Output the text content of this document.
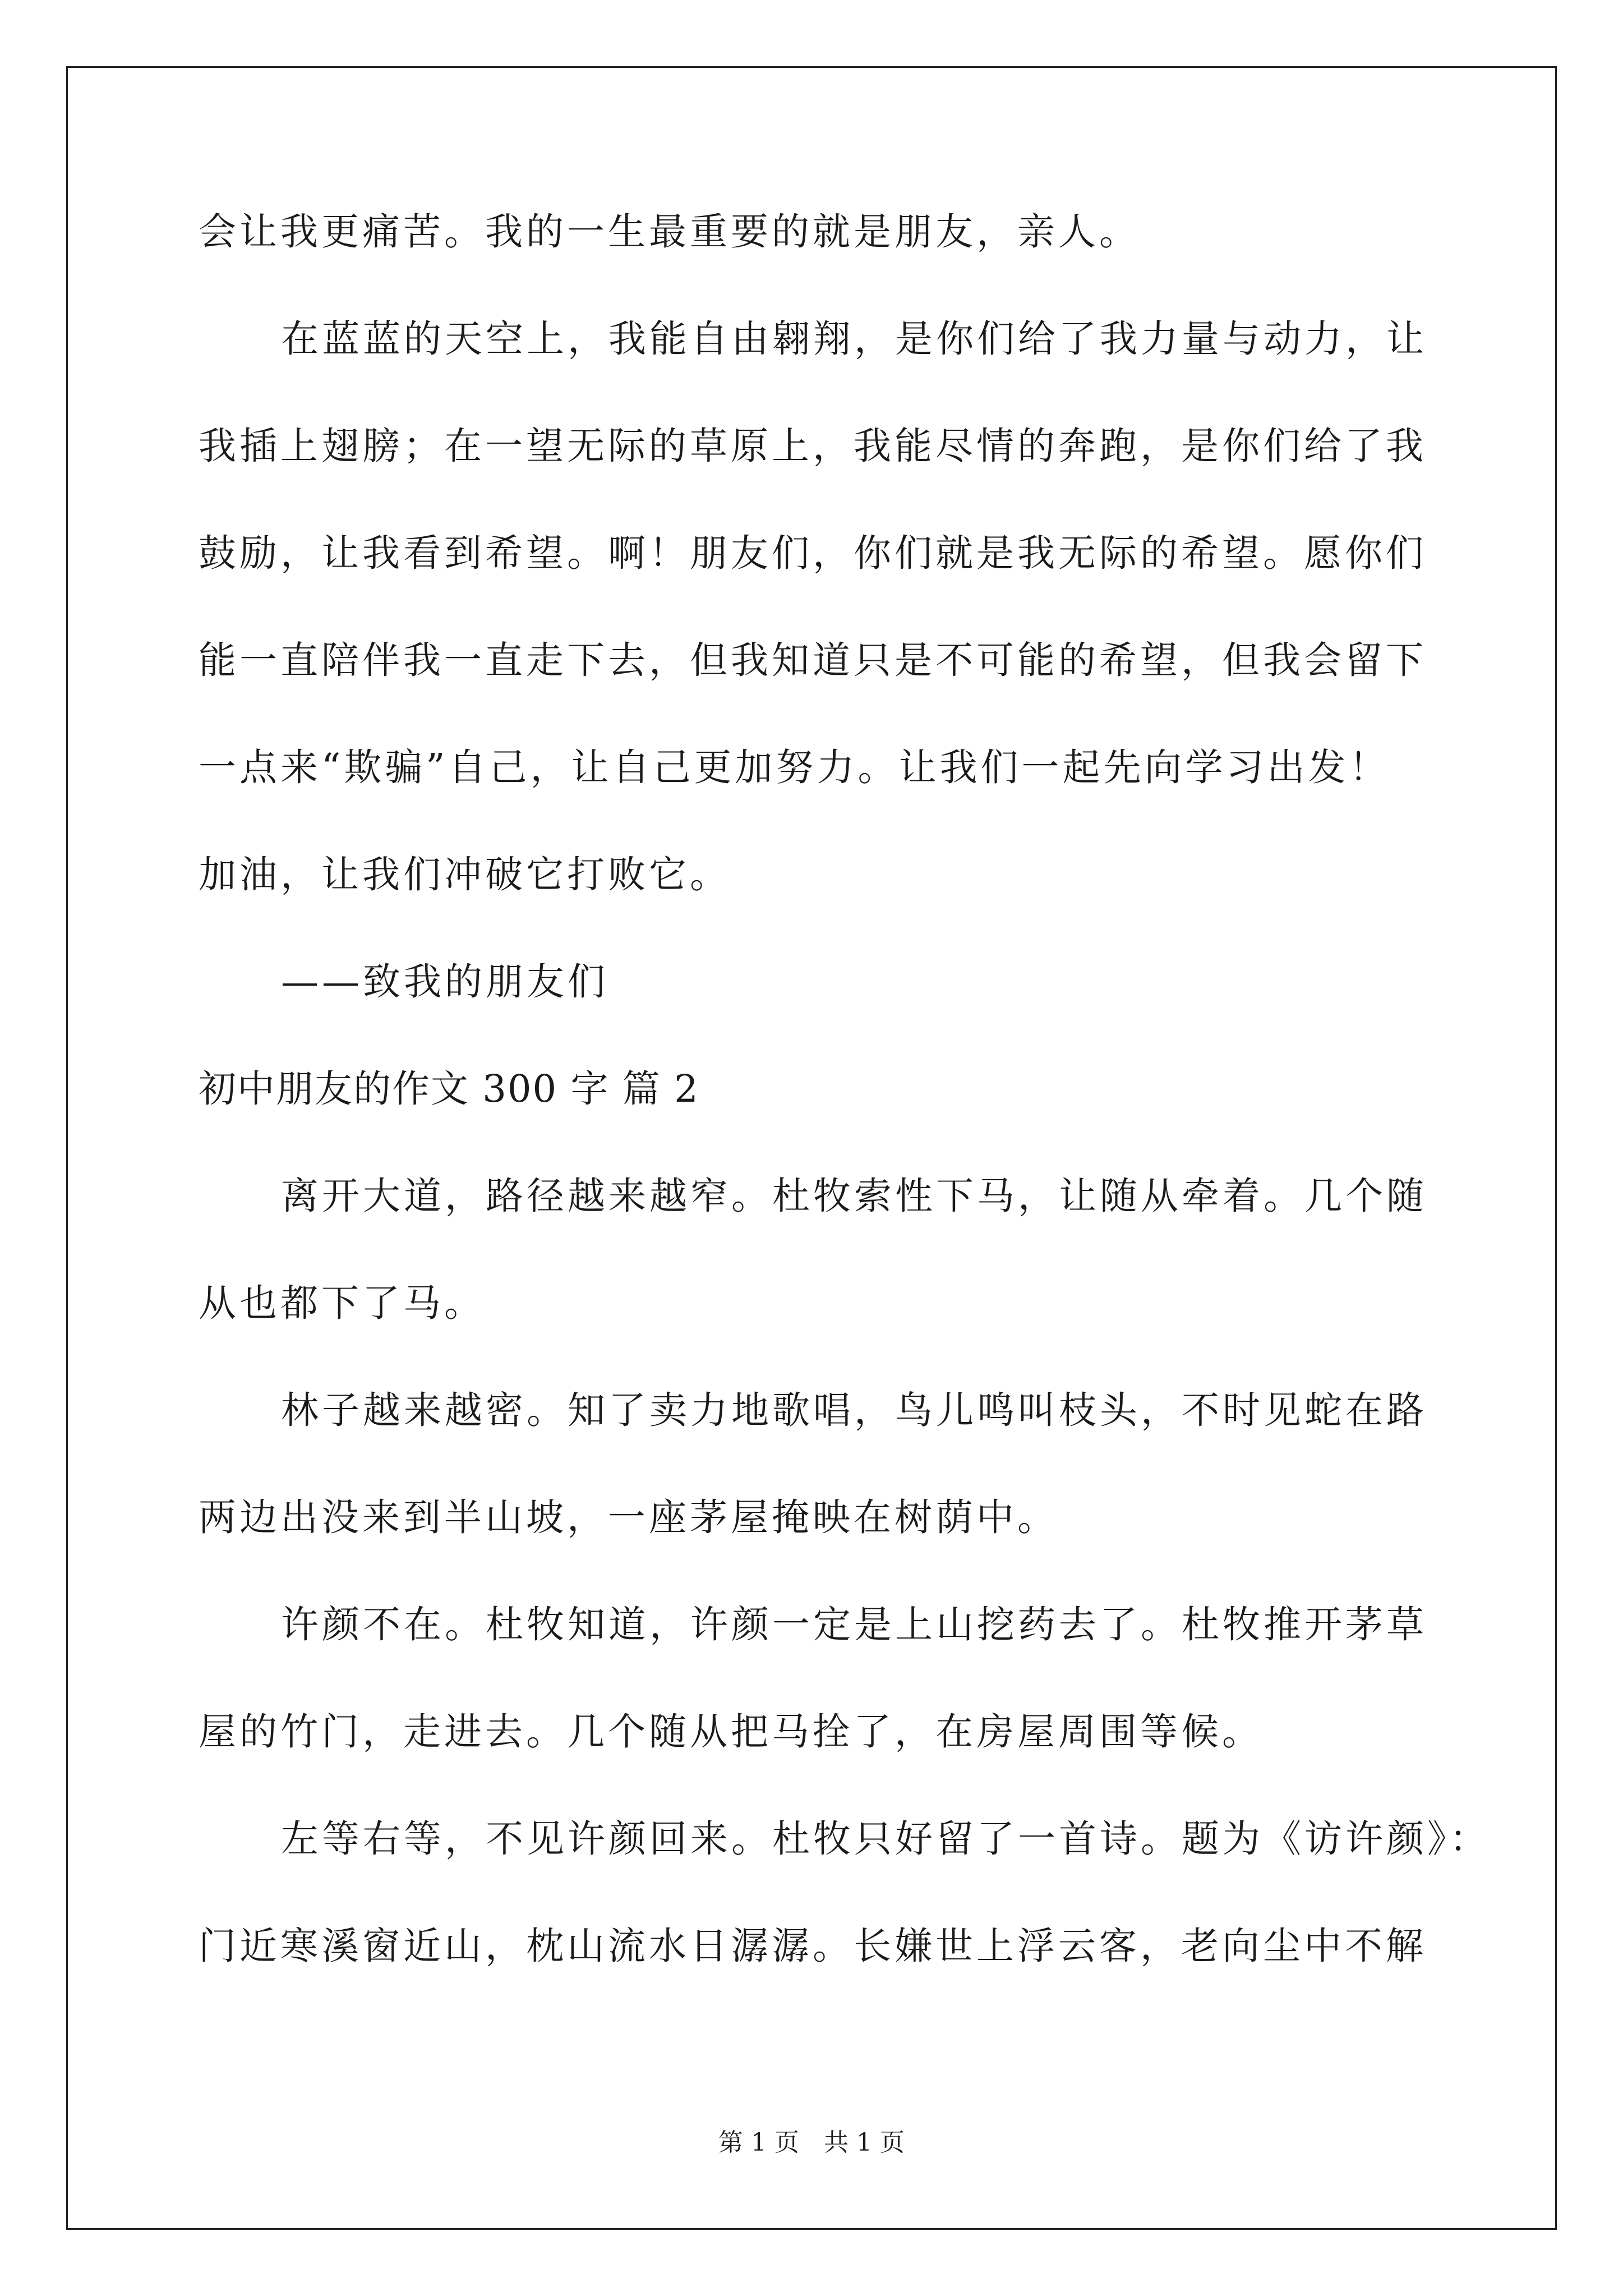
会让我更痛苦。我的一生最重要的就是朋友，亲人。
在蓝蓝的天空上，我能自由翱翔，是你们给了我力量与动力，让
我插上翅膀；在一望无际的草原上，我能尽情的奔跑，是你们给了我
鼓励，让我看到希望。啊！朋友们，你们就是我无际的希望。愿你们
能一直陪伴我一直走下去，但我知道只是不可能的希望，但我会留下
一点来“欺骗”自己，让自己更加努力。让我们一起先向学习出发！
加油，让我们冲破它打败它。
——致我的朋友们
初中朋友的作文 300 字 篇 2
离开大道，路径越来越窄。杜牧索性下马，让随从牵着。几个随
从也都下了马。
林子越来越密。知了卖力地歌唱，鸟儿鸣叫枝头，不时见蛇在路
两边出没来到半山坡，一座茅屋掩映在树荫中。
许颜不在。杜牧知道，许颜一定是上山挖药去了。杜牧推开茅草
屋的竹门，走进去。几个随从把马拴了，在房屋周围等候。
左等右等，不见许颜回来。杜牧只好留了一首诗。题为《访许颜》：
门近寒溪窗近山，枕山流水日潺潺。长嫌世上浮云客，老向尘中不解
第 1 页　共 1 页
